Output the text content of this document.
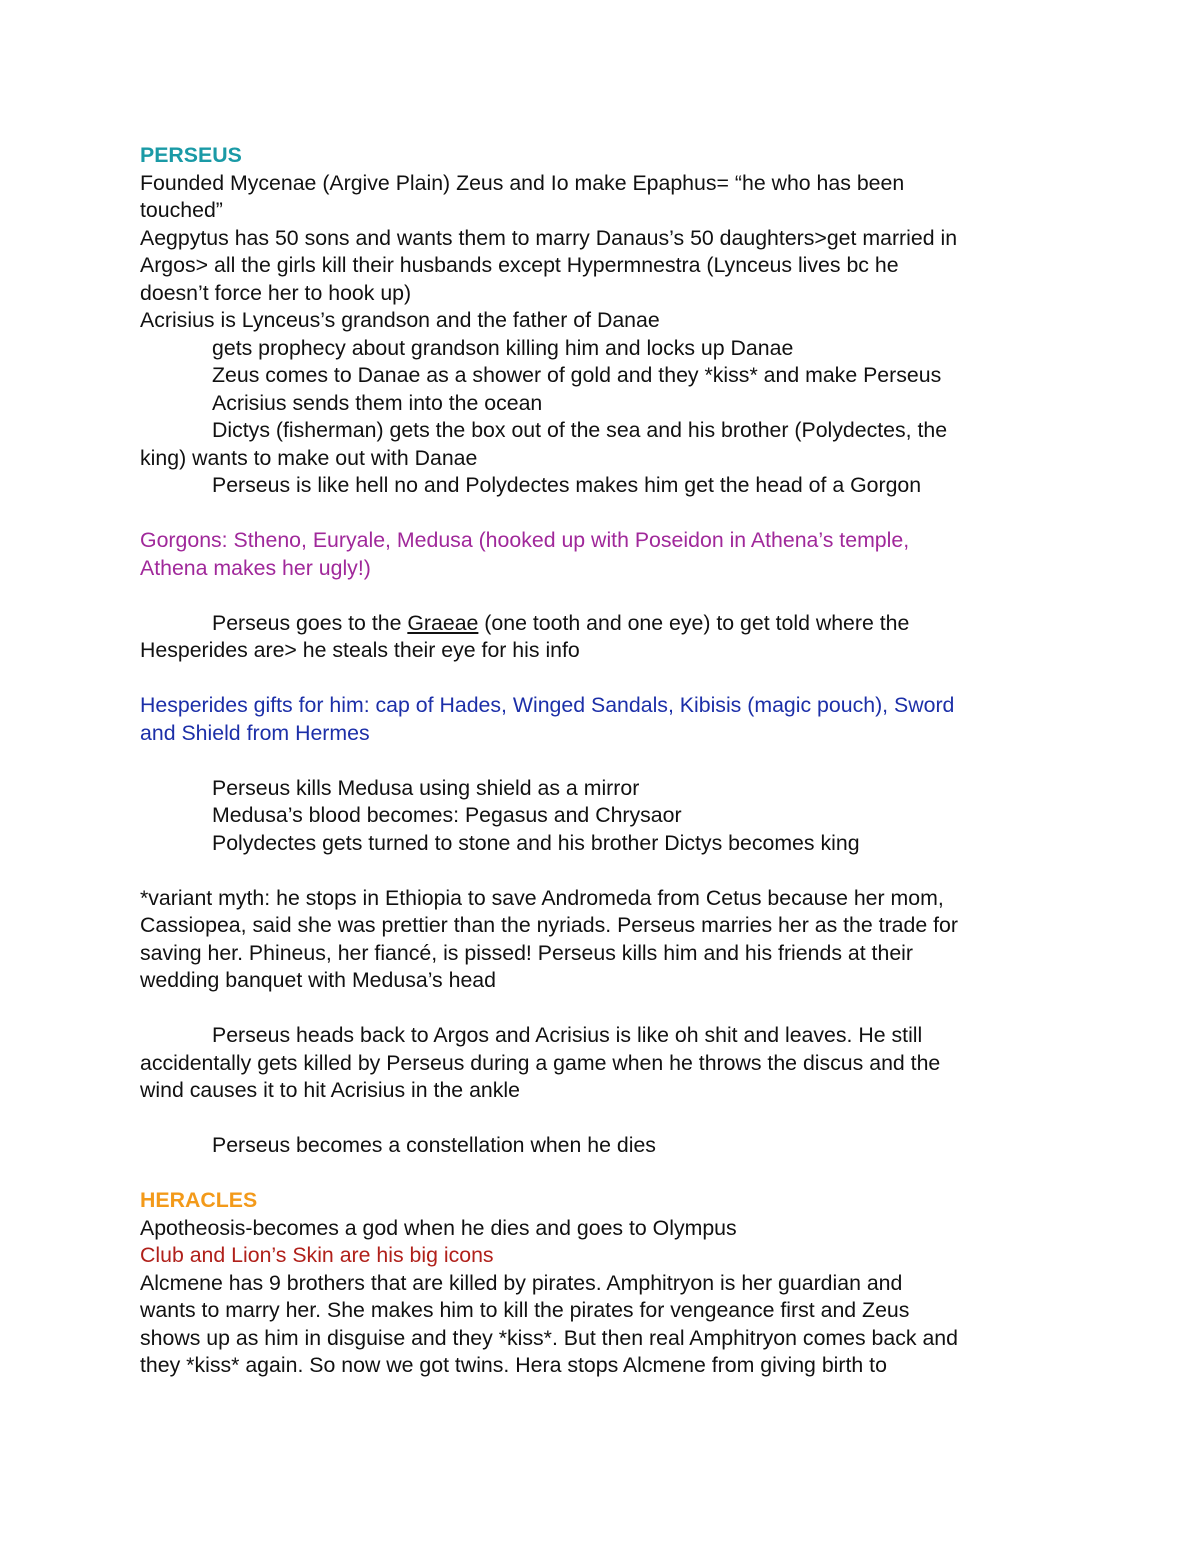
PERSEUS
Founded Mycenae (Argive Plain) Zeus and Io make Epaphus= “he who has been
touched”
Aegpytus has 50 sons and wants them to marry Danaus’s 50 daughters>get married in
Argos> all the girls kill their husbands except Hypermnestra (Lynceus lives bc he
doesn’t force her to hook up)
Acrisius is Lynceus’s grandson and the father of Danae
gets prophecy about grandson killing him and locks up Danae
Zeus comes to Danae as a shower of gold and they *kiss* and make Perseus
Acrisius sends them into the ocean
Dictys (fisherman) gets the box out of the sea and his brother (Polydectes, the
king) wants to make out with Danae
Perseus is like hell no and Polydectes makes him get the head of a Gorgon
Gorgons: Stheno, Euryale, Medusa (hooked up with Poseidon in Athena’s temple,
Athena makes her ugly!)
Perseus goes to the Graeae (one tooth and one eye) to get told where the
Hesperides are> he steals their eye for his info
Hesperides gifts for him: cap of Hades, Winged Sandals, Kibisis (magic pouch), Sword
and Shield from Hermes
Perseus kills Medusa using shield as a mirror
Medusa’s blood becomes: Pegasus and Chrysaor
Polydectes gets turned to stone and his brother Dictys becomes king
*variant myth: he stops in Ethiopia to save Andromeda from Cetus because her mom,
Cassiopea, said she was prettier than the nyriads. Perseus marries her as the trade for
saving her. Phineus, her fiancé, is pissed! Perseus kills him and his friends at their
wedding banquet with Medusa’s head
Perseus heads back to Argos and Acrisius is like oh shit and leaves. He still
accidentally gets killed by Perseus during a game when he throws the discus and the
wind causes it to hit Acrisius in the ankle
Perseus becomes a constellation when he dies
HERACLES
Apotheosis-becomes a god when he dies and goes to Olympus
Club and Lion’s Skin are his big icons
Alcmene has 9 brothers that are killed by pirates. Amphitryon is her guardian and
wants to marry her. She makes him to kill the pirates for vengeance first and Zeus
shows up as him in disguise and they *kiss*. But then real Amphitryon comes back and
they *kiss* again. So now we got twins. Hera stops Alcmene from giving birth to
